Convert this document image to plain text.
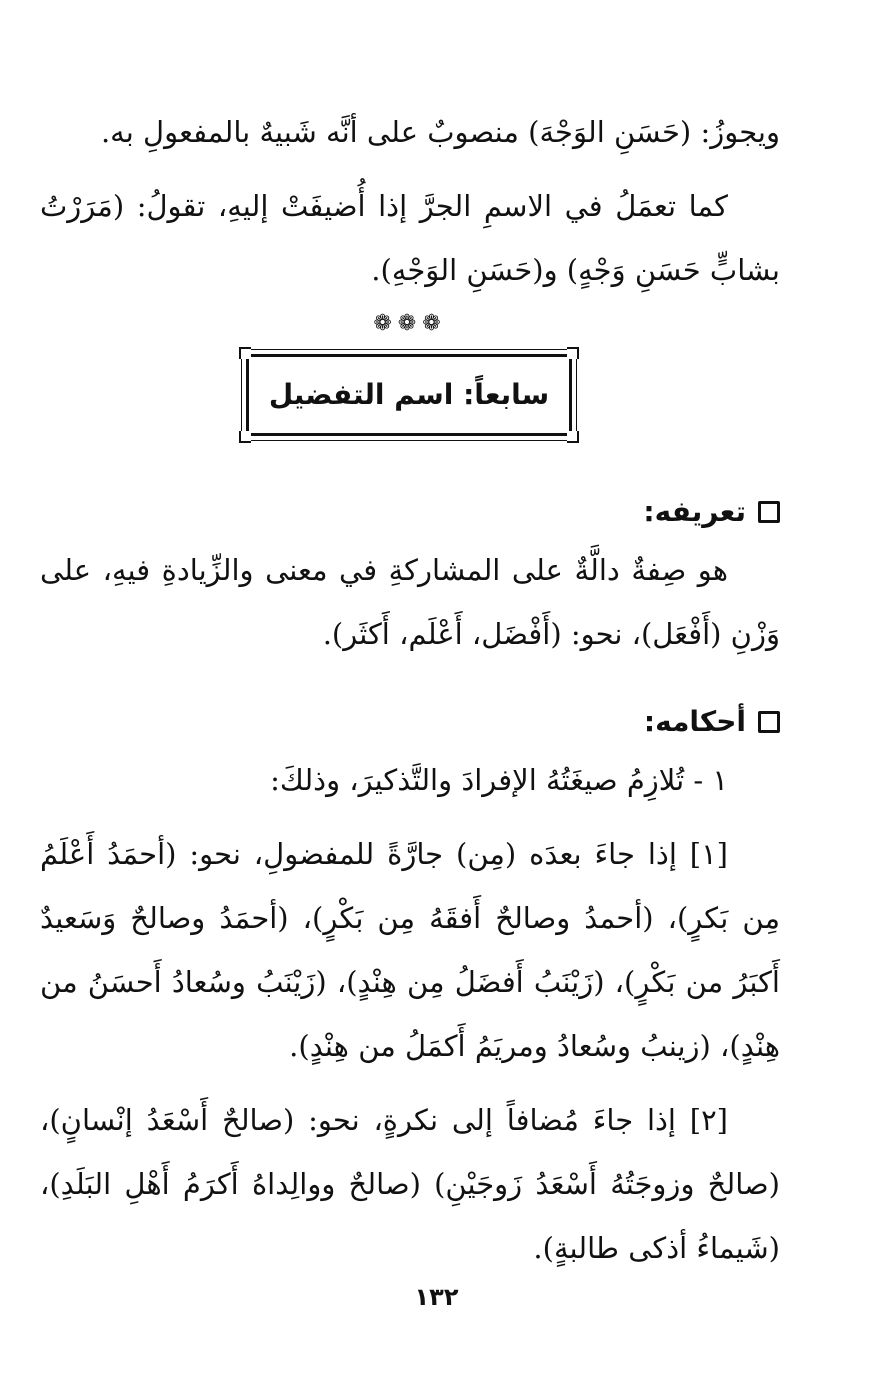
ويجوزُ: (حَسَنِ الوَجْهَ) منصوبٌ على أنَّه شَبيهٌ بالمفعولِ به.

كما تعمَلُ في الاسمِ الجرَّ إذا أُضيفَتْ إليهِ، تقولُ: (مَرَرْتُ بشابٍّ حَسَنِ وَجْهٍ) و(حَسَنِ الوَجْهِ).

❁❁❁
سابعاً: اسم التفضيل
تعريفه:

هو صِفةٌ دالَّةٌ على المشاركةِ في معنى والزِّيادةِ فيهِ، على وَزْنِ (أَفْعَل)، نحو: (أَفْضَل، أَعْلَم، أَكثَر).

أحكامه:

١ - تُلازِمُ صيغَتُهُ الإفرادَ والتَّذكيرَ، وذلكَ:

[١] إذا جاءَ بعدَه (مِن) جارَّةً للمفضولِ، نحو: (أحمَدُ أَعْلَمُ مِن بَكرٍ)، (أحمدُ وصالحٌ أَفقَهُ مِن بَكْرٍ)، (أحمَدُ وصالحٌ وَسَعيدٌ أَكبَرُ من بَكْرٍ)، (زَيْنَبُ أَفضَلُ مِن هِنْدٍ)، (زَيْنَبُ وسُعادُ أَحسَنُ من هِنْدٍ)، (زينبُ وسُعادُ ومريَمُ أَكمَلُ من هِنْدٍ).

[٢] إذا جاءَ مُضافاً إلى نكرةٍ، نحو: (صالحٌ أَسْعَدُ إنْسانٍ)، (صالحٌ وزوجَتُهُ أَسْعَدُ زَوجَيْنِ) (صالحٌ ووالِداهُ أَكرَمُ أَهْلِ البَلَدِ)، (شَيماءُ أذكى طالبةٍ).

١٣٢
